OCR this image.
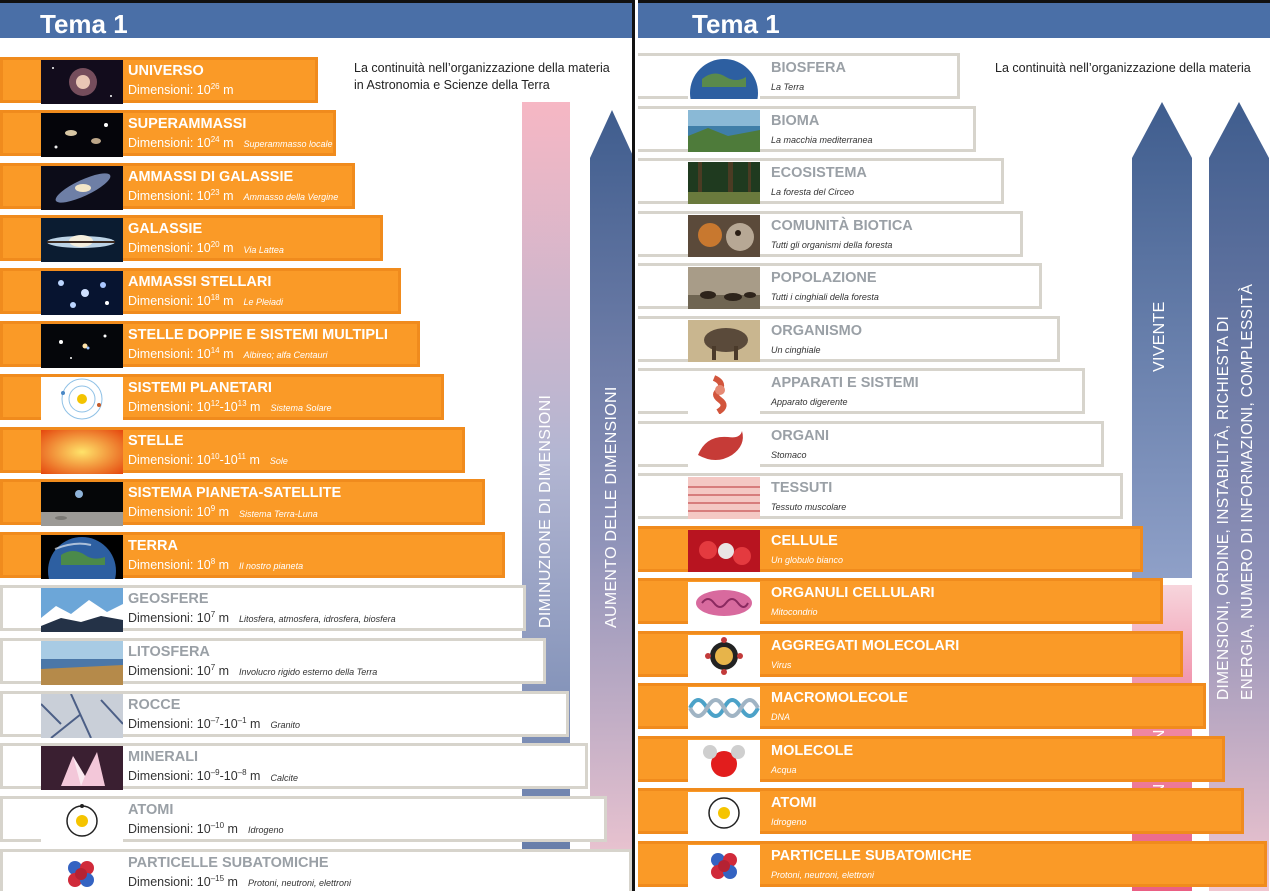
Tema 1
La continuità nell’organizzazione della materia
in Astronomia e Scienze della Terra
DIMINUZIONE DI DIMENSIONI	AUMENTO DELLE DIMENSIONI
UNIVERSO
Dimensioni: $10^{26}$ m
SUPERAMMASSI
Dimensioni: $10^{24}$ m Superammasso locale
AMMASSI DI GALASSIE
Dimensioni: $10^{23}$ m Ammasso della Vergine
GALASSIE
Dimensioni: $10^{20}$ m Via Lattea
AMMASSI STELLARI
Dimensioni: $10^{18}$ m Le Pleiadi
STELLE DOPPIE E SISTEMI MULTIPLI
Dimensioni: $10^{14}$ m Albireo; alfa Centauri
SISTEMI PLANETARI
Dimensioni: $10^{12}-10^{13}$ m Sistema Solare
STELLE
Dimensioni: $10^{10}-10^{11}$ m Sole
SISTEMA PIANETA-SATELLITE
Dimensioni: $10^9$ m Sistema Terra-Luna
TERRA
Dimensioni: $10^8$ m Il nostro pianeta
GEOSFERE
Dimensioni: $10^7$ m Litosfera, atmosfera, idrosfera, biosfera
LITOSFERA
Dimensioni: $10^7$ m Involucro rigido esterno della Terra
ROCCE
Dimensioni: $10^{-7}-10^{-1}$ m Granito
MINERALI
Dimensioni: $10^{-9}-10^{-8}$ m Calcite
ATOMI
Dimensioni: $10^{-10}$ m Idrogeno
PARTICELLE SUBATOMICHE
Dimensioni: $10^{-15}$ m Protoni, neutroni, elettroni
Tema 1
La continuità nell’organizzazione della materia
VIVENTE	DIMENSIONI, ORDINE, INSTABILITÀ, RICHIESTA DI ENERGIA, NUMERO DI INFORMAZIONI, COMPLESSITÀ
BIOSFERA
La Terra
BIOMA
La macchia mediterranea
ECOSISTEMA
La foresta del Circeo
COMUNITÀ BIOTICA
Tutti gli organismi della foresta
POPOLAZIONE
Tutti i cinghiali della foresta
ORGANISMO
Un cinghiale
APPARATI E SISTEMI
Apparato digerente
ORGANI
Stomaco
TESSUTI
Tessuto muscolare
CELLULE
Un globulo bianco
ORGANULI CELLULARI
Mitocondrio
AGGREGATI MOLECOLARI
Virus
MACROMOLECOLE
DNA
MOLECOLE
Acqua
ATOMI
Idrogeno
PARTICELLE SUBATOMICHE
Protoni, neutroni, elettroni
